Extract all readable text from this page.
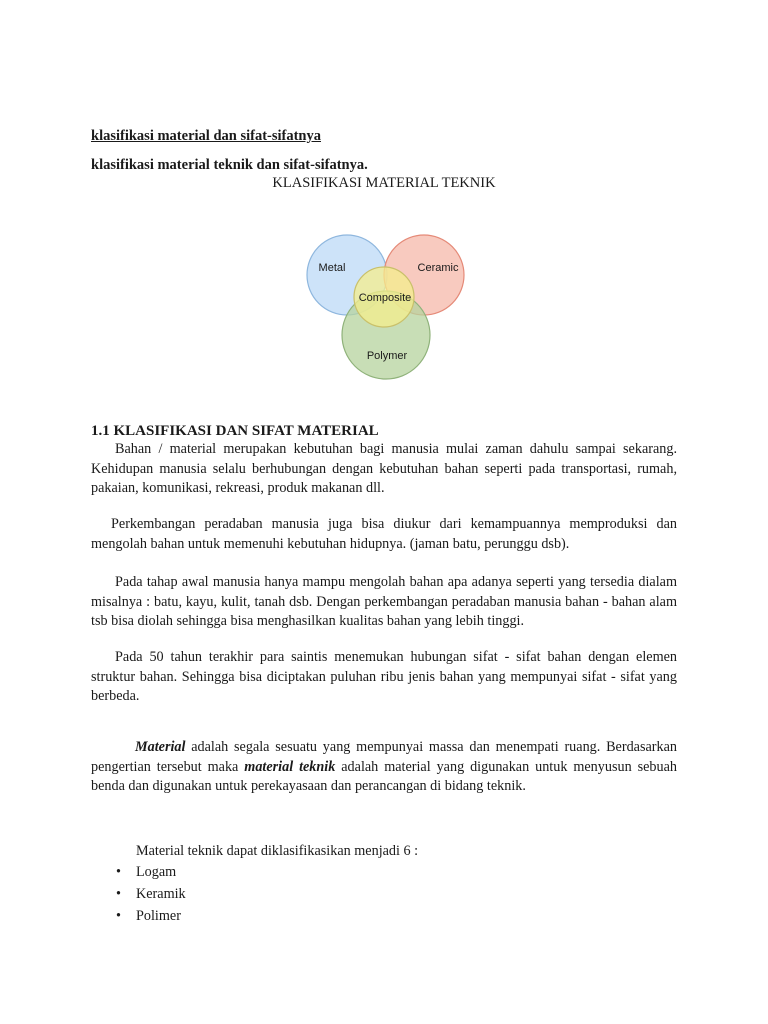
klasifikasi material dan sifat-sifatnya

klasifikasi material teknik dan sifat-sifatnya.

KLASIFIKASI MATERIAL TEKNIK

Metal	Ceramic
Composite
Polymer

1.1 KLASIFIKASI DAN SIFAT MATERIAL

Bahan / material merupakan kebutuhan bagi manusia mulai zaman dahulu sampai sekarang. Kehidupan manusia selalu berhubungan dengan kebutuhan bahan seperti pada transportasi, rumah, pakaian, komunikasi, rekreasi, produk makanan dll.

Perkembangan peradaban manusia juga bisa diukur dari kemampuannya memproduksi dan mengolah bahan untuk memenuhi kebutuhan hidupnya. (jaman batu, perunggu dsb).

Pada tahap awal manusia hanya mampu mengolah bahan apa adanya seperti yang tersedia dialam misalnya : batu, kayu, kulit, tanah dsb. Dengan perkembangan peradaban manusia bahan - bahan alam tsb bisa diolah sehingga bisa menghasilkan kualitas bahan yang lebih tinggi.

Pada 50 tahun terakhir para saintis menemukan hubungan sifat - sifat bahan dengan elemen struktur bahan. Sehingga bisa diciptakan puluhan ribu jenis bahan yang mempunyai sifat - sifat yang berbeda.

Material adalah segala sesuatu yang mempunyai massa dan menempati ruang. Berdasarkan pengertian tersebut maka material teknik adalah material yang digunakan untuk menyusun sebuah benda dan digunakan untuk perekayasaan dan perancangan di bidang teknik.

Material teknik dapat diklasifikasikan menjadi 6 :

• Logam
• Keramik
• Polimer
